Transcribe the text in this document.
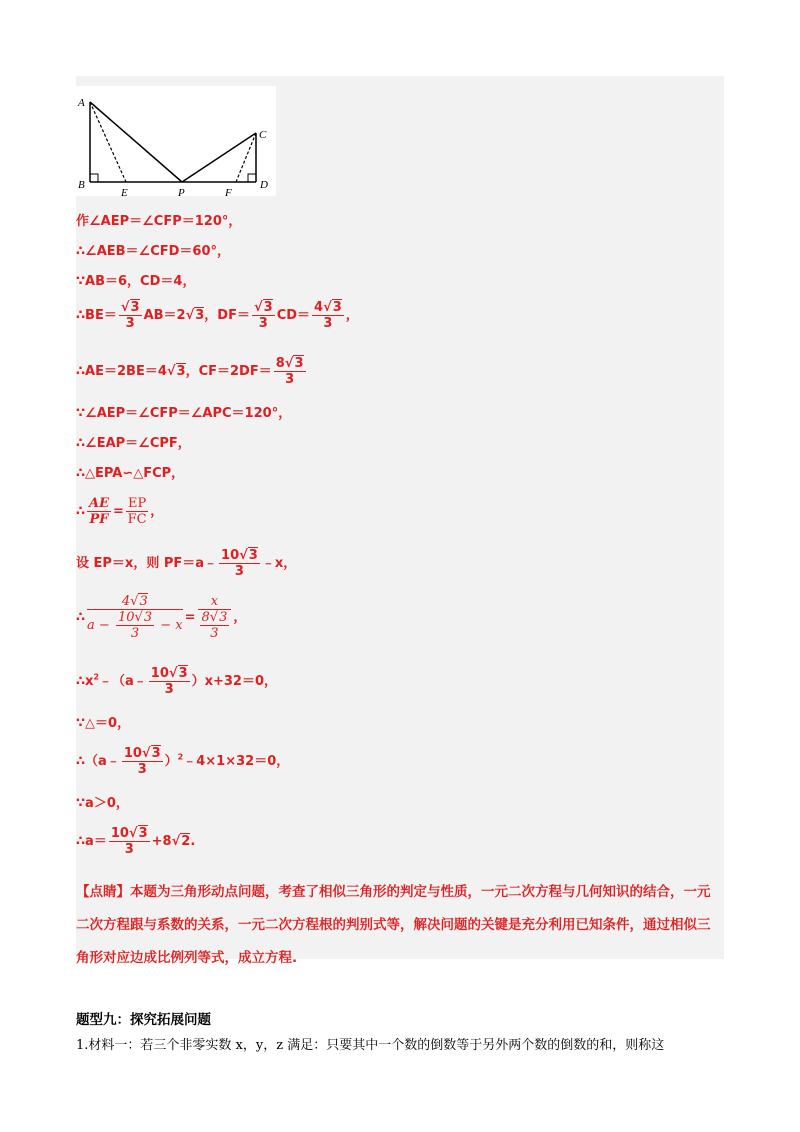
A
B
C
D
E	P	F
作∠AEP＝∠CFP＝120°，
∴∠AEB＝∠CFD＝60°，
∵AB＝6，CD＝4，
∴BE＝ $\frac{√3}{3} AB=2√3$，$DF= \frac{√3}{3} CD= \frac{4√3}{3}$ ，
∴AE＝2BE＝4√3，$CF=2DF= \frac{8√3}{3}$
∵∠AEP＝∠CFP＝∠APC＝120°，
∴∠EAP＝∠CPF，
∴△EPA∽△FCP，
∴ $\frac{AE}{PF} = \frac{EP}{FC}$ ，
设 EP＝x，则 PF＝a﹣ $\frac{10√3}{3}$ ﹣x，
∴ $\frac{4√3}{a - \frac{10√3}{3} - x} = \frac{x}{\frac{8√3}{3}}$ ，
$\therefore x^2﹣(a﹣ \frac{10√3}{3} )x+32=0$，
∵△＝0，
∴（a﹣ $\frac{10√3}{3}$ ）$^2$﹣4×1×32＝0，
∵a＞0，
∴a＝ $\frac{10√3}{3} +8√2$.
【点睛】本题为三角形动点问题，考查了相似三角形的判定与性质，一元二次方程与几何知识的结合，一元二次方程跟与系数的关系，一元二次方程根的判别式等，解决问题的关键是充分利用已知条件，通过相似三角形对应边成比例列等式，成立方程.
题型九：探究拓展问题
1.材料一：若三个非零实数 x，y，z 满足：只要其中一个数的倒数等于另外两个数的倒数的和，则称这
